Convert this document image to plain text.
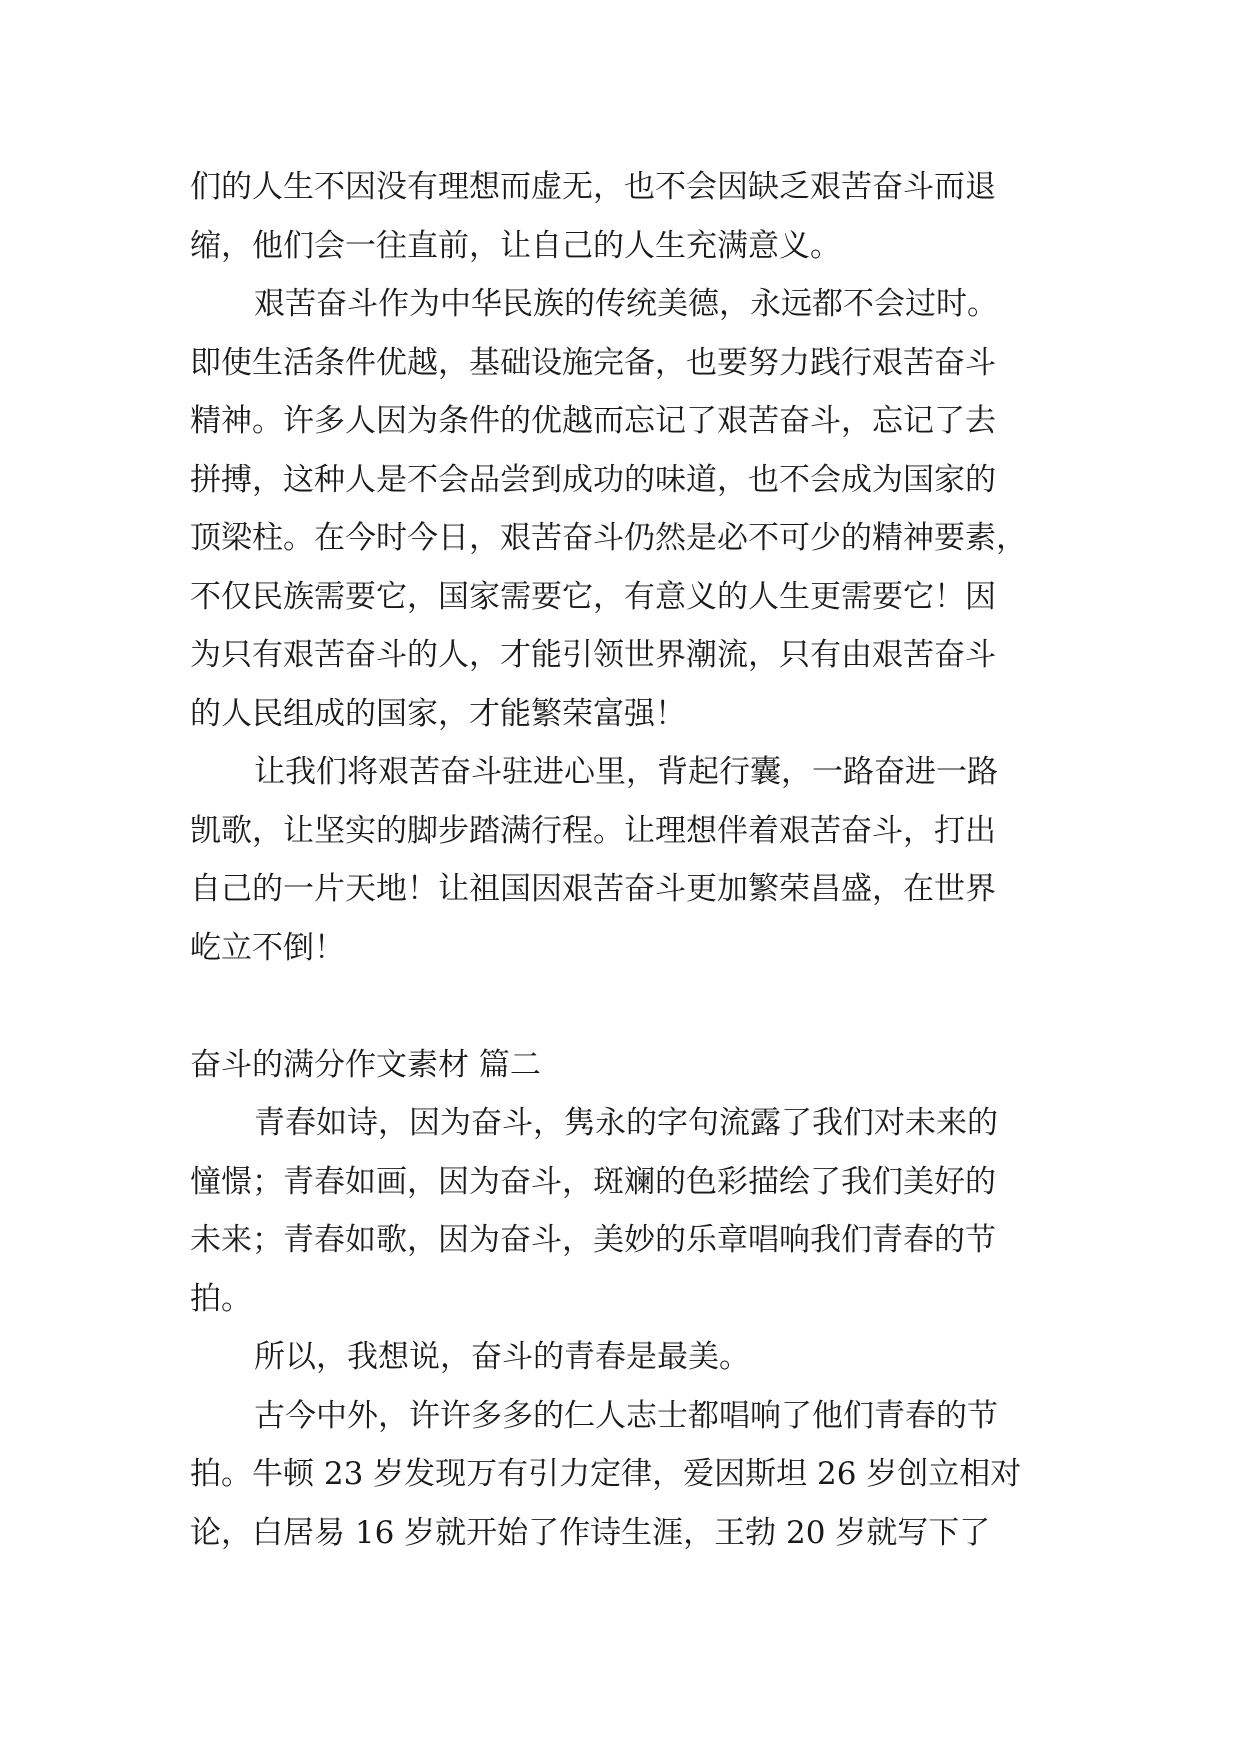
们的人生不因没有理想而虚无，也不会因缺乏艰苦奋斗而退
缩，他们会一往直前，让自己的人生充满意义。
艰苦奋斗作为中华民族的传统美德，永远都不会过时。
即使生活条件优越，基础设施完备，也要努力践行艰苦奋斗
精神。许多人因为条件的优越而忘记了艰苦奋斗，忘记了去
拼搏，这种人是不会品尝到成功的味道，也不会成为国家的
顶梁柱。在今时今日，艰苦奋斗仍然是必不可少的精神要素，
不仅民族需要它，国家需要它，有意义的人生更需要它！因
为只有艰苦奋斗的人，才能引领世界潮流，只有由艰苦奋斗
的人民组成的国家，才能繁荣富强！
让我们将艰苦奋斗驻进心里，背起行囊，一路奋进一路
凯歌，让坚实的脚步踏满行程。让理想伴着艰苦奋斗，打出
自己的一片天地！让祖国因艰苦奋斗更加繁荣昌盛，在世界
屹立不倒！
奋斗的满分作文素材 篇二
青春如诗，因为奋斗，隽永的字句流露了我们对未来的
憧憬；青春如画，因为奋斗，斑斓的色彩描绘了我们美好的
未来；青春如歌，因为奋斗，美妙的乐章唱响我们青春的节
拍。
所以，我想说，奋斗的青春是最美。
古今中外，许许多多的仁人志士都唱响了他们青春的节
拍。牛顿 23 岁发现万有引力定律，爱因斯坦 26 岁创立相对
论，白居易 16 岁就开始了作诗生涯，王勃 20 岁就写下了
